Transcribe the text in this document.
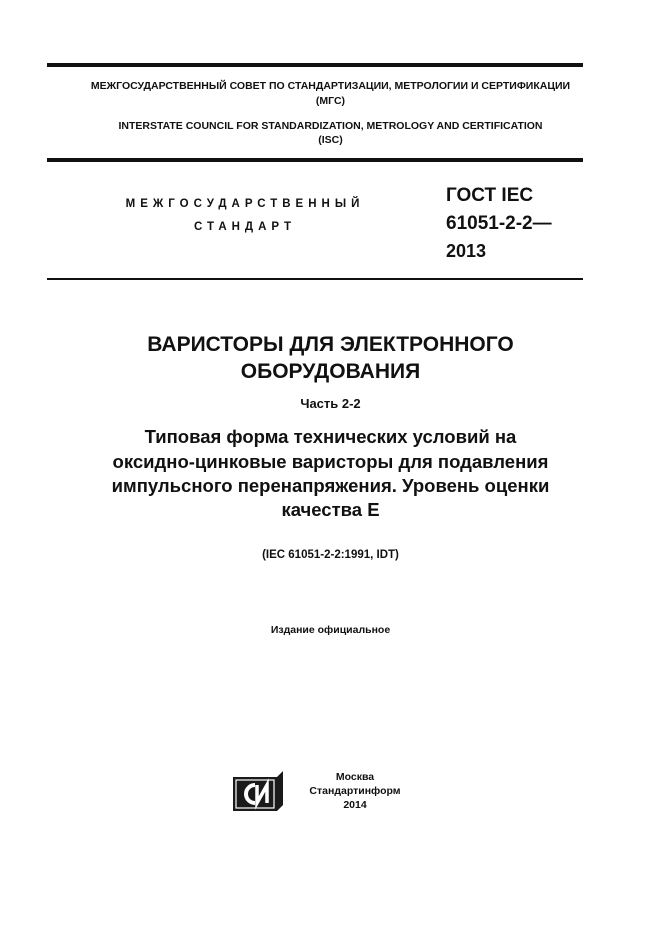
МЕЖГОСУДАРСТВЕННЫЙ СОВЕТ ПО СТАНДАРТИЗАЦИИ, МЕТРОЛОГИИ И СЕРТИФИКАЦИИ
(МГС)
INTERSTATE COUNCIL FOR STANDARDIZATION, METROLOGY AND CERTIFICATION
(ISC)
МЕЖГОСУДАРСТВЕННЫЙ
СТАНДАРТ
ГОСТ IEC
61051-2-2—
2013
ВАРИСТОРЫ ДЛЯ ЭЛЕКТРОННОГО
ОБОРУДОВАНИЯ
Часть 2-2
Типовая форма технических условий на
оксидно-цинковые варисторы для подавления
импульсного перенапряжения. Уровень оценки
качества E
(IEC 61051-2-2:1991, IDT)
Издание официальное
Москва
Стандартинформ
2014
